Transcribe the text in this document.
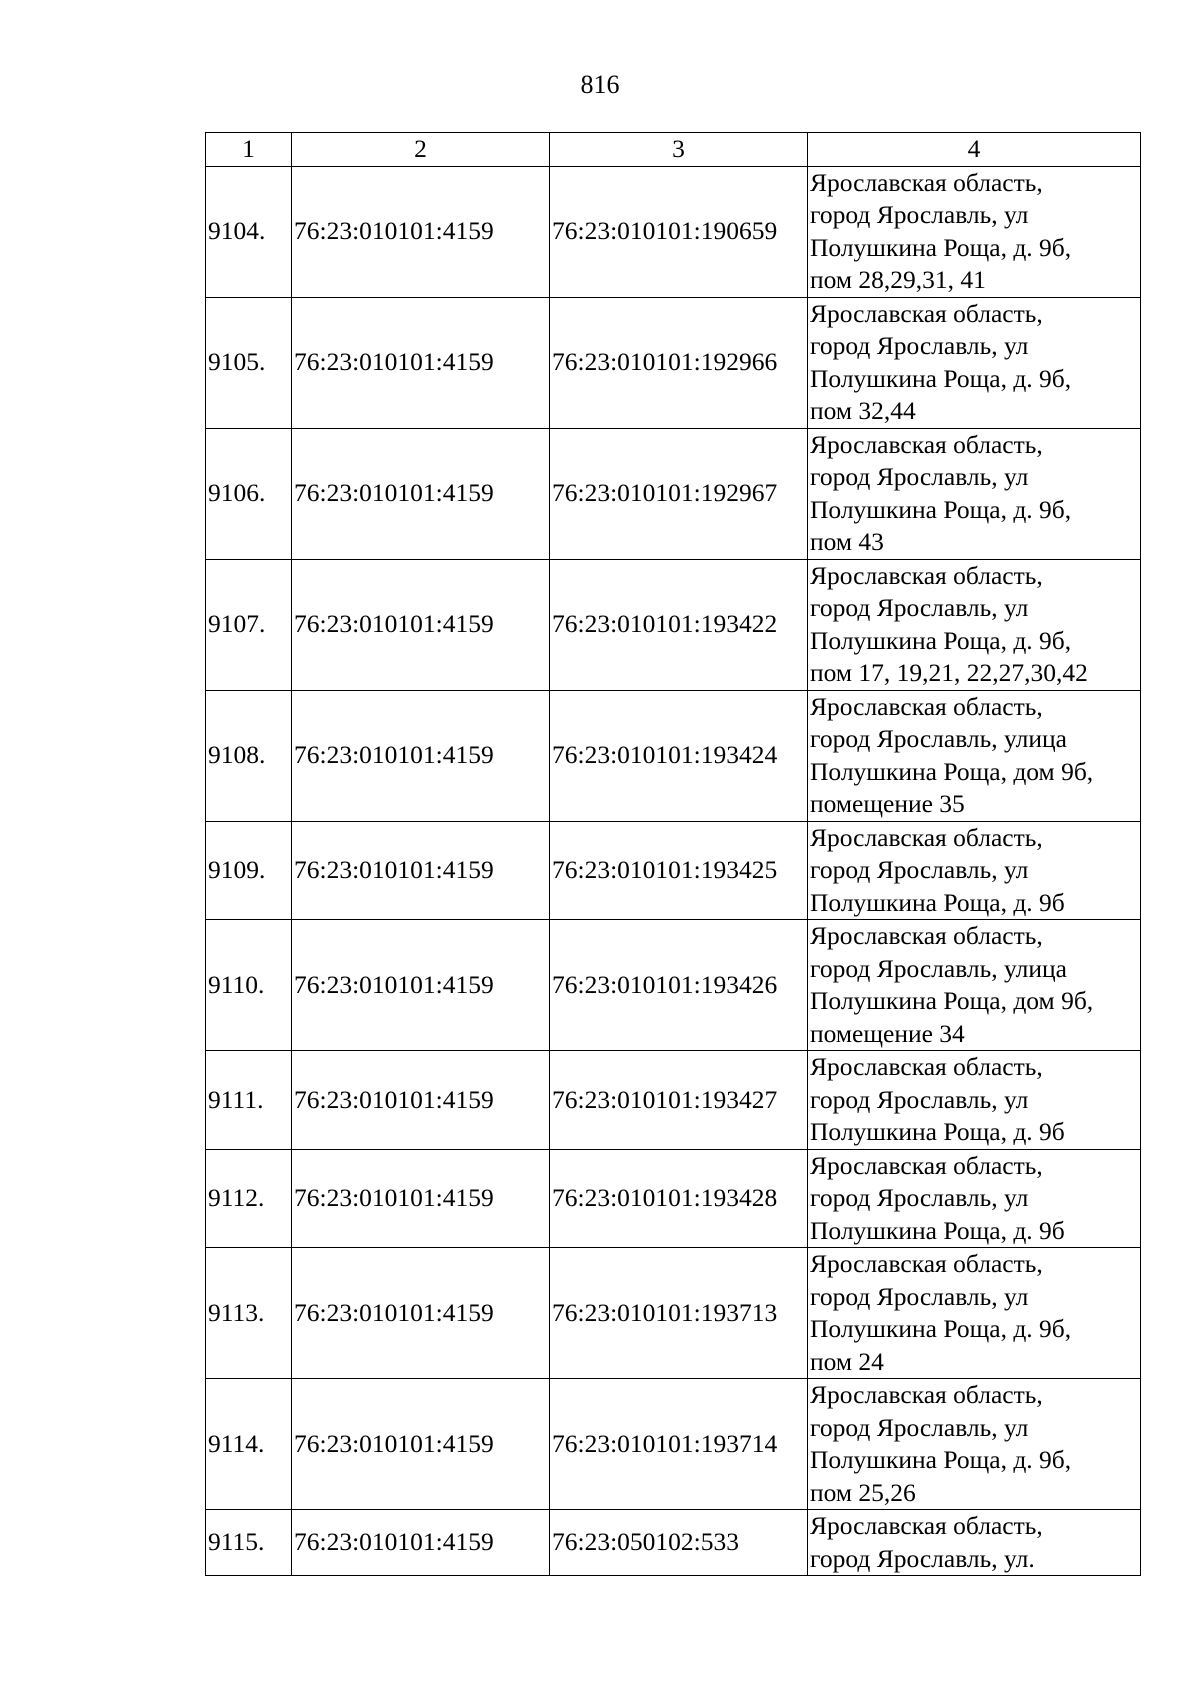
816
1	2	3	4
9104.	76:23:010101:4159	76:23:010101:190659	Ярославская область,
город Ярославль, ул
Полушкина Роща, д. 9б,
пом 28,29,31, 41

9105.	76:23:010101:4159	76:23:010101:192966	Ярославская область,
город Ярославль, ул
Полушкина Роща, д. 9б,
пом 32,44

9106.	76:23:010101:4159	76:23:010101:192967	Ярославская область,
город Ярославль, ул
Полушкина Роща, д. 9б,
пом 43

9107.	76:23:010101:4159	76:23:010101:193422	Ярославская область,
город Ярославль, ул
Полушкина Роща, д. 9б,
пом 17, 19,21, 22,27,30,42

9108.	76:23:010101:4159	76:23:010101:193424	Ярославская область,
город Ярославль, улица
Полушкина Роща, дом 9б,
помещение 35

9109.	76:23:010101:4159	76:23:010101:193425	Ярославская область,
город Ярославль, ул
Полушкина Роща, д. 9б

9110.	76:23:010101:4159	76:23:010101:193426	Ярославская область,
город Ярославль, улица
Полушкина Роща, дом 9б,
помещение 34

9111.	76:23:010101:4159	76:23:010101:193427	Ярославская область,
город Ярославль, ул
Полушкина Роща, д. 9б

9112.	76:23:010101:4159	76:23:010101:193428	Ярославская область,
город Ярославль, ул
Полушкина Роща, д. 9б

9113.	76:23:010101:4159	76:23:010101:193713	Ярославская область,
город Ярославль, ул
Полушкина Роща, д. 9б,
пом 24

9114.	76:23:010101:4159	76:23:010101:193714	Ярославская область,
город Ярославль, ул
Полушкина Роща, д. 9б,
пом 25,26

9115.	76:23:010101:4159	76:23:050102:533	Ярославская область,
город Ярославль, ул.
